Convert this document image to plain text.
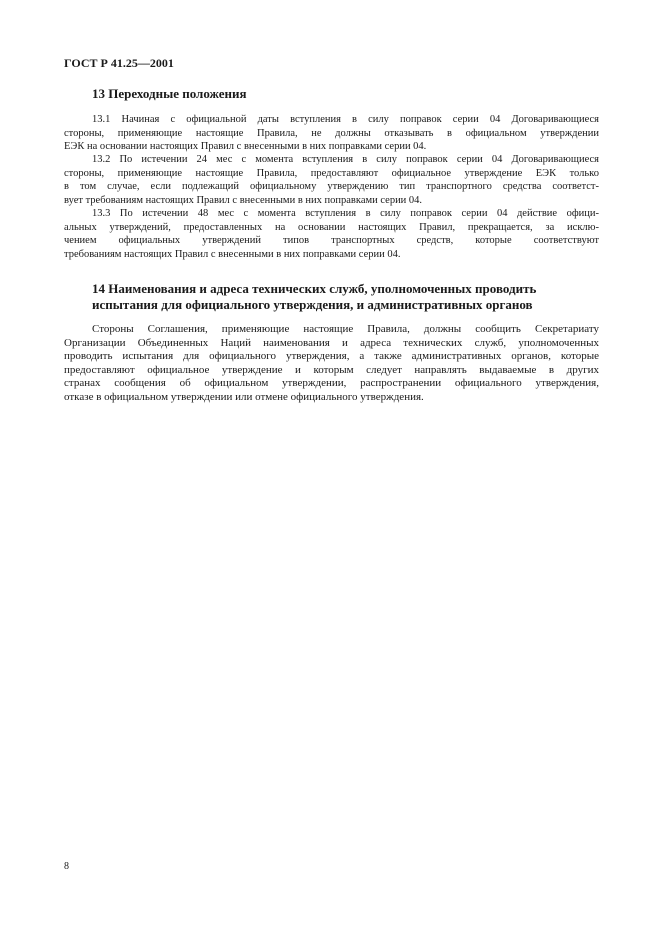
ГОСТ Р 41.25—2001
13 Переходные положения
13.1 Начиная с официальной даты вступления в силу поправок серии 04 Договаривающиеся
стороны, применяющие настоящие Правила, не должны отказывать в официальном утверждении
ЕЭК на основании настоящих Правил с внесенными в них поправками серии 04.
13.2 По истечении 24 мес с момента вступления в силу поправок серии 04 Договаривающиеся
стороны, применяющие настоящие Правила, предоставляют официальное утверждение ЕЭК только
в том случае, если подлежащий официальному утверждению тип транспортного средства соответст-
вует требованиям настоящих Правил с внесенными в них поправками серии 04.
13.3 По истечении 48 мес с момента вступления в силу поправок серии 04 действие офици-
альных утверждений, предоставленных на основании настоящих Правил, прекращается, за исклю-
чением официальных утверждений типов транспортных средств, которые соответствуют
требованиям настоящих Правил с внесенными в них поправками серии 04.
14 Наименования и адреса технических служб, уполномоченных проводить
испытания для официального утверждения, и административных органов
Стороны Соглашения, применяющие настоящие Правила, должны сообщить Секретариату
Организации Объединенных Наций наименования и адреса технических служб, уполномоченных
проводить испытания для официального утверждения, а также административных органов, которые
предоставляют официальное утверждение и которым следует направлять выдаваемые в других
странах сообщения об официальном утверждении, распространении официального утверждения,
отказе в официальном утверждении или отмене официального утверждения.
8
